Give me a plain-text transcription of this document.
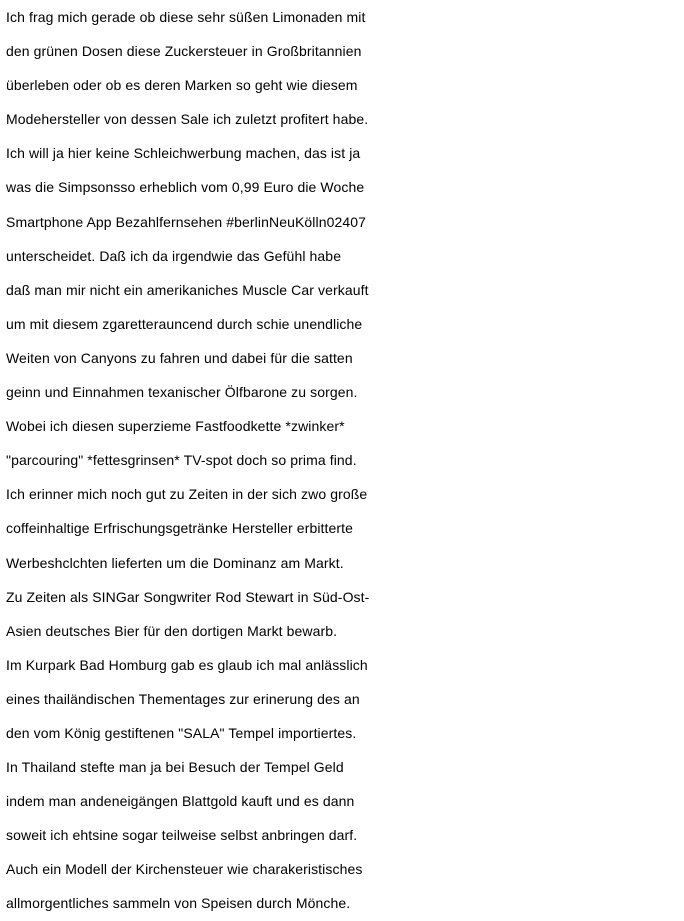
Ich frag mich gerade ob diese sehr süßen Limonaden mit
den grünen Dosen diese Zuckersteuer in Großbritannien
überleben oder ob es deren Marken so geht wie diesem
Modehersteller von dessen Sale ich zuletzt profitert habe.
Ich will ja hier keine Schleichwerbung machen, das ist ja
was die Simpsonsso erheblich vom 0,99 Euro die Woche
Smartphone App Bezahlfernsehen #berlinNeuKölln02407
unterscheidet. Daß ich da irgendwie das Gefühl habe
daß man mir nicht ein amerikaniches Muscle Car verkauft
um mit diesem zgaretterauncend durch schie unendliche
Weiten von Canyons zu fahren und dabei für die satten
geinn und Einnahmen texanischer Ölfbarone zu sorgen.
Wobei ich diesen superzieme Fastfoodkette *zwinker*
"parcouring" *fettesgrinsen* TV-spot doch so prima find.
Ich erinner mich noch gut zu Zeiten in der sich zwo große
coffeinhaltige Erfrischungsgetränke Hersteller erbitterte
Werbeshclchten lieferten um die Dominanz am Markt.
Zu Zeiten als SINGar Songwriter Rod Stewart in Süd-Ost-
Asien deutsches Bier für den dortigen Markt bewarb.
Im Kurpark Bad Homburg gab es glaub ich mal anlässlich
eines thailändischen Thementages zur erinerung des an
den vom König gestiftenen "SALA" Tempel importiertes.
In Thailand stefte man ja bei Besuch der Tempel Geld
indem man andeneigängen Blattgold kauft und es dann
soweit ich ehtsine sogar teilweise selbst anbringen darf.
Auch ein Modell der Kirchensteuer wie charakeristisches
allmorgentliches sammeln von Speisen durch Mönche.
